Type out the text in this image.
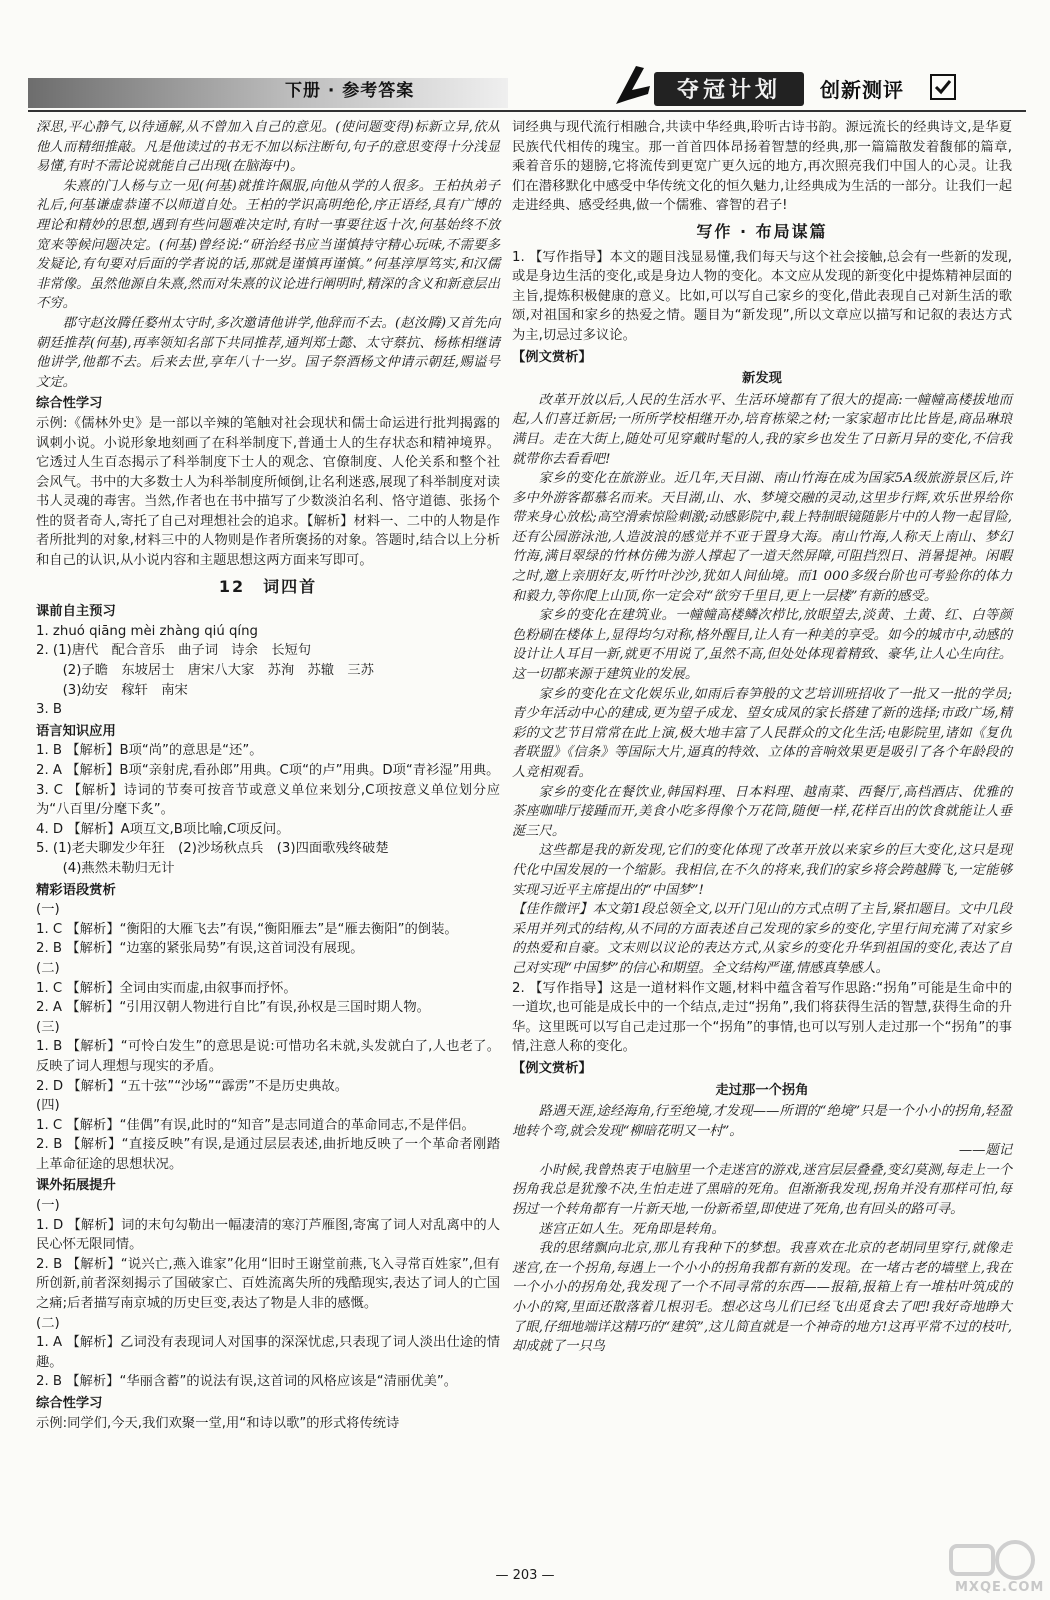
下册 · 参考答案	夺冠计划 创新测评

深思,平心静气,以待通解,从不曾加入自己的意见。(使问题变得)标新立异,依从他人而精细推敲。凡是他读过的书无不加以标注断句,句子的意思变得十分浅显易懂,有时不需论说就能自己出现(在脑海中)。

朱熹的门人杨与立一见(何基)就推许佩服,向他从学的人很多。王柏执弟子礼后,何基谦虚恭谨不以师道自处。王柏的学识高明绝伦,序正语经,具有广博的理论和精妙的思想,遇到有些问题难决定时,有时一事要往返十次,何基始终不放宽来等候问题决定。(何基)曾经说:“研治经书应当谨慎持守精心玩味,不需要多发疑论,有句要对后面的学者说的话,那就是谨慎再谨慎。”何基淳厚笃实,和汉儒非常像。虽然他源自朱熹,然而对朱熹的议论进行阐明时,精深的含义和新意层出不穷。

郡守赵汝腾任婺州太守时,多次邀请他讲学,他辞而不去。(赵汝腾)又首先向朝廷推荐(何基),再率领知名部下共同推荐,通判郑士懿、太守蔡抗、杨栋相继请他讲学,他都不去。后来去世,享年八十一岁。国子祭酒杨文仲请示朝廷,赐谥号文定。

综合性学习

示例:《儒林外史》是一部以辛辣的笔触对社会现状和儒士命运进行批判揭露的讽刺小说。小说形象地刻画了在科举制度下,普通士人的生存状态和精神境界。它透过人生百态揭示了科举制度下士人的观念、官僚制度、人伦关系和整个社会风气。书中的大多数士人为科举制度所倾倒,让名利迷惑,展现了科举制度对读书人灵魂的毒害。当然,作者也在书中描写了少数淡泊名利、恪守道德、张扬个性的贤者奇人,寄托了自己对理想社会的追求。【解析】材料一、二中的人物是作者所批判的对象,材料三中的人物则是作者所褒扬的对象。答题时,结合以上分析和自己的认识,从小说内容和主题思想这两方面来写即可。

12　词四首

课前自主预习

1. zhuó qiāng mèi zhàng qiú qíng

2. (1)唐代　配合音乐　曲子词　诗余　长短句

(2)子瞻　东坡居士　唐宋八大家　苏洵　苏辙　三苏

(3)幼安　稼轩　南宋

3. B

语言知识应用

1. B 【解析】B项“尚”的意思是“还”。

2. A 【解析】B项“亲射虎,看孙郎”用典。C项“的卢”用典。D项“青衫湿”用典。

3. C 【解析】诗词的节奏可按音节或意义单位来划分,C项按意义单位划分应为“八百里/分麾下炙”。

4. D 【解析】A项互文,B项比喻,C项反问。

5. (1)老夫聊发少年狂　(2)沙场秋点兵　(3)四面歌残终破楚

(4)燕然未勒归无计

精彩语段赏析

(一)

1. C 【解析】“衡阳的大雁飞去”有误,“衡阳雁去”是“雁去衡阳”的倒装。

2. B 【解析】“边塞的紧张局势”有误,这首词没有展现。

(二)

1. C 【解析】全词由实而虚,由叙事而抒怀。

2. A 【解析】“引用汉朝人物进行自比”有误,孙权是三国时期人物。

(三)

1. B 【解析】“可怜白发生”的意思是说:可惜功名未就,头发就白了,人也老了。反映了词人理想与现实的矛盾。

2. D 【解析】“五十弦”“沙场”“霹雳”不是历史典故。

(四)

1. C 【解析】“佳偶”有误,此时的“知音”是志同道合的革命同志,不是伴侣。

2. B 【解析】“直接反映”有误,是通过层层表述,曲折地反映了一个革命者刚踏上革命征途的思想状况。

课外拓展提升

(一)

1. D 【解析】词的末句勾勒出一幅凄清的寒汀芦雁图,寄寓了词人对乱离中的人民心怀无限同情。

2. B 【解析】“说兴亡,燕入谁家”化用“旧时王谢堂前燕,飞入寻常百姓家”,但有所创新,前者深刻揭示了国破家亡、百姓流离失所的残酷现实,表达了词人的亡国之痛;后者描写南京城的历史巨变,表达了物是人非的感慨。

(二)

1. A 【解析】乙词没有表现词人对国事的深深忧虑,只表现了词人淡出仕途的情趣。

2. B 【解析】“华丽含蓄”的说法有误,这首词的风格应该是“清丽优美”。

综合性学习

示例:同学们,今天,我们欢聚一堂,用“和诗以歌”的形式将传统诗

词经典与现代流行相融合,共读中华经典,聆听古诗书韵。源远流长的经典诗文,是华夏民族代代相传的瑰宝。那一首首四体昂扬着智慧的经典,那一篇篇散发着馥郁的篇章,乘着音乐的翅膀,它将流传到更宽广更久远的地方,再次照亮我们中国人的心灵。让我们在潜移默化中感受中华传统文化的恒久魅力,让经典成为生活的一部分。让我们一起走进经典、感受经典,做一个儒雅、睿智的君子!

写作 · 布局谋篇

1. 【写作指导】本文的题目浅显易懂,我们每天与这个社会接触,总会有一些新的发现,或是身边生活的变化,或是身边人物的变化。本文应从发现的新变化中提炼精神层面的主旨,提炼积极健康的意义。比如,可以写自己家乡的变化,借此表现自己对新生活的歌颂,对祖国和家乡的热爱之情。题目为“新发现”,所以文章应以描写和记叙的表达方式为主,切忌过多议论。

【例文赏析】

新发现

改革开放以后,人民的生活水平、生活环境都有了很大的提高:一幢幢高楼拔地而起,人们喜迁新居;一所所学校相继开办,培育栋梁之材;一家家超市比比皆是,商品琳琅满目。走在大街上,随处可见穿戴时髦的人,我的家乡也发生了日新月异的变化,不信我就带你去看看吧!

家乡的变化在旅游业。近几年,天目湖、南山竹海在成为国家5A级旅游景区后,许多中外游客都慕名而来。天目湖,山、水、梦境交融的灵动,这里步行辉,欢乐世界给你带来身心放松;高空滑索惊险刺激;动感影院中,载上特制眼镜随影片中的人物一起冒险,还有公园游泳池,人造波浪的感觉并不亚于置身大海。南山竹海,人称天上南山、梦幻竹海,满目翠绿的竹林仿佛为游人撑起了一道天然屏障,可阻挡烈日、消暑提神。闲暇之时,邀上亲朋好友,听竹叶沙沙,犹如人间仙境。而1 000多级台阶也可考验你的体力和毅力,等你爬上山顶,你一定会对“欲穷千里目,更上一层楼”有新的感受。

家乡的变化在建筑业。一幢幢高楼鳞次栉比,放眼望去,淡黄、土黄、红、白等颜色粉刷在楼体上,显得均匀对称,格外醒目,让人有一种美的享受。如今的城市中,动感的设计让人耳目一新,就更不用说了,虽然不高,但处处体现着精致、豪华,让人心生向往。这一切都来源于建筑业的发展。

家乡的变化在文化娱乐业,如雨后春笋般的文艺培训班招收了一批又一批的学员;青少年活动中心的建成,更为望子成龙、望女成凤的家长搭建了新的选择;市政广场,精彩的文艺节目常常在此上演,极大地丰富了人民群众的文化生活;电影院里,诸如《复仇者联盟》《信条》等国际大片,逼真的特效、立体的音响效果更是吸引了各个年龄段的人竞相观看。

家乡的变化在餐饮业,韩国料理、日本料理、越南菜、西餐厅,高档酒店、优雅的茶座咖啡厅接踵而开,美食小吃多得像个万花筒,随便一样,花样百出的饮食就能让人垂涎三尺。

这些都是我的新发现,它们的变化体现了改革开放以来家乡的巨大变化,这只是现代化中国发展的一个缩影。我相信,在不久的将来,我们的家乡将会跨越腾飞,一定能够实现习近平主席提出的“中国梦”!

【佳作微评】本文第1段总领全文,以开门见山的方式点明了主旨,紧扣题目。文中几段采用并列式的结构,从不同的方面表述自己发现的家乡的变化,字里行间充满了对家乡的热爱和自豪。文末则以议论的表达方式,从家乡的变化升华到祖国的变化,表达了自己对实现“中国梦”的信心和期望。全文结构严谨,情感真挚感人。

2. 【写作指导】这是一道材料作文题,材料中蕴含着写作思路:“拐角”可能是生命中的一道坎,也可能是成长中的一个结点,走过“拐角”,我们将获得生活的智慧,获得生命的升华。这里既可以写自己走过那一个“拐角”的事情,也可以写别人走过那一个“拐角”的事情,注意人称的变化。

【例文赏析】

走过那一个拐角

路遇天涯,途经海角,行至绝境,才发现——所谓的“绝境”只是一个小小的拐角,轻盈地转个弯,就会发现“柳暗花明又一村”。

——题记

小时候,我曾热衷于电脑里一个走迷宫的游戏,迷宫层层叠叠,变幻莫测,每走上一个拐角我总是犹豫不决,生怕走进了黑暗的死角。但渐渐我发现,拐角并没有那样可怕,每拐过一个转角都有一片新天地,一份新希望,即使进了死角,也有回头的路可寻。

迷宫正如人生。死角即是转角。

我的思绪飘向北京,那儿有我种下的梦想。我喜欢在北京的老胡同里穿行,就像走迷宫,在一个拐角,每遇上一个小小的拐角我都有新的发现。在一堵古老的墙壁上,我在一个小小的拐角处,我发现了一个不同寻常的东西——报箱,报箱上有一堆枯叶筑成的小小的窝,里面还散落着几根羽毛。想必这鸟儿们已经飞出觅食去了吧!我好奇地睁大了眼,仔细地端详这精巧的“建筑”,这儿简直就是一个神奇的地方!这再平常不过的枝叶,却成就了一只鸟

— 203 —
MXQE.COM
